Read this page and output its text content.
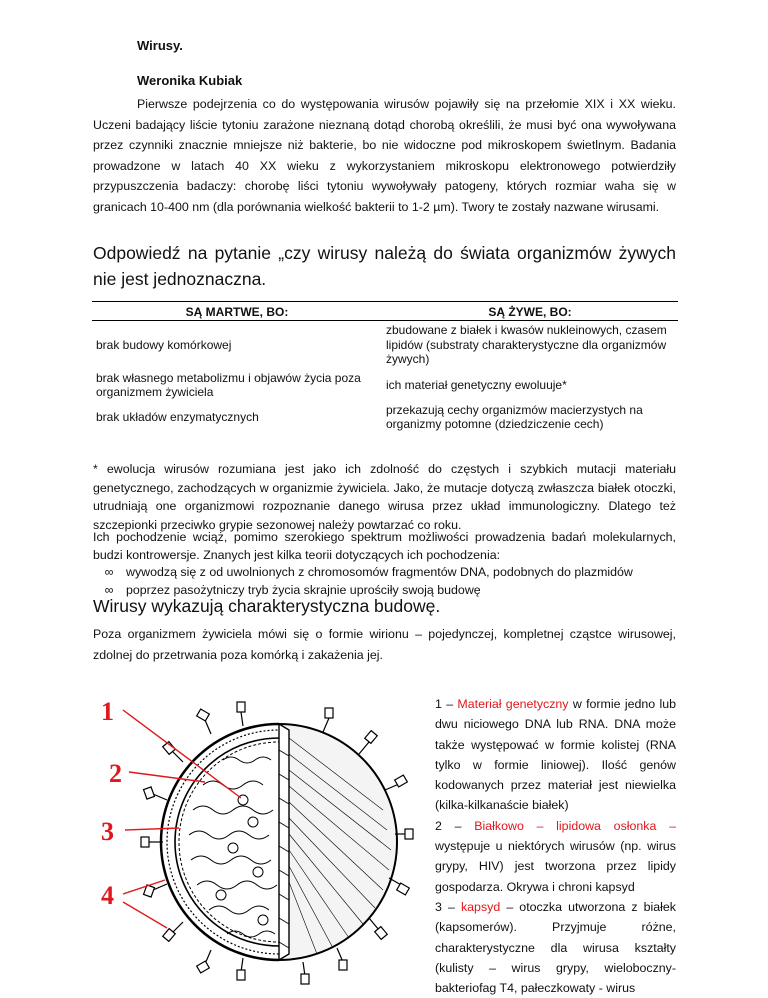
Wirusy.
Weronika Kubiak

Pierwsze podejrzenia co do występowania wirusów pojawiły się na przełomie XIX i XX wieku. Uczeni badający liście tytoniu zarażone nieznaną dotąd chorobą określili, że musi być ona wywoływana przez czynniki znacznie mniejsze niż bakterie, bo nie widoczne pod mikroskopem świetlnym. Badania prowadzone w latach 40 XX wieku z wykorzystaniem mikroskopu elektronowego potwierdziły przypuszczenia badaczy: chorobę liści tytoniu wywoływały patogeny, których rozmiar waha się w granicach 10-400 nm (dla porównania wielkość bakterii to 1-2 µm). Twory te zostały nazwane wirusami.

Odpowiedź na pytanie „czy wirusy należą do świata organizmów żywych nie jest jednoznaczna.
SĄ MARTWE, BO:	SĄ ŻYWE, BO:
brak budowy komórkowej	zbudowane z białek i kwasów nukleinowych, czasem lipidów (substraty charakterystyczne dla organizmów żywych)
brak własnego metabolizmu i objawów życia poza organizmem żywiciela	ich materiał genetyczny ewoluuje*
brak układów enzymatycznych	przekazują cechy organizmów macierzystych na organizmy potomne (dziedziczenie cech)

* ewolucja wirusów rozumiana jest jako ich zdolność do częstych i szybkich mutacji materiału genetycznego, zachodzących w organizmie żywiciela. Jako, że mutacje dotyczą zwłaszcza białek otoczki, utrudniają one organizmowi rozpoznanie danego wirusa przez układ immunologiczny. Dlatego też szczepionki przeciwko grypie sezonowej należy powtarzać co roku.

Ich pochodzenie wciąż, pomimo szerokiego spektrum możliwości prowadzenia badań molekularnych, budzi kontrowersje. Znanych jest kilka teorii dotyczących ich pochodzenia:

∞	wywodzą się z od uwolnionych z chromosomów fragmentów DNA, podobnych do plazmidów
∞	poprzez pasożytniczy tryb życia skrajnie uprościły swoją budowę
Wirusy wykazują charakterystyczna budowę.

Poza organizmem żywiciela mówi się o formie wirionu – pojedynczej, kompletnej cząstce wirusowej, zdolnej do przetrwania poza komórką i zakażenia jej.

1
2
3
4

1 – Materiał genetyczny w formie jedno lub dwu niciowego DNA lub RNA. DNA może także występować w formie kolistej (RNA tylko w formie liniowej). Ilość genów kodowanych przez materiał jest niewielka (kilka-kilkanaście białek)
2 – Białkowo – lipidowa osłonka – występuje u niektórych wirusów (np. wirus grypy, HIV) jest tworzona przez lipidy gospodarza. Okrywa i chroni kapsyd
3 – kapsyd – otoczka utworzona z białek (kapsomerów). Przyjmuje różne, charakterystyczne dla wirusa kształty (kulisty – wirus grypy, wieloboczny- bakteriofag T4, pałeczkowaty - wirus
